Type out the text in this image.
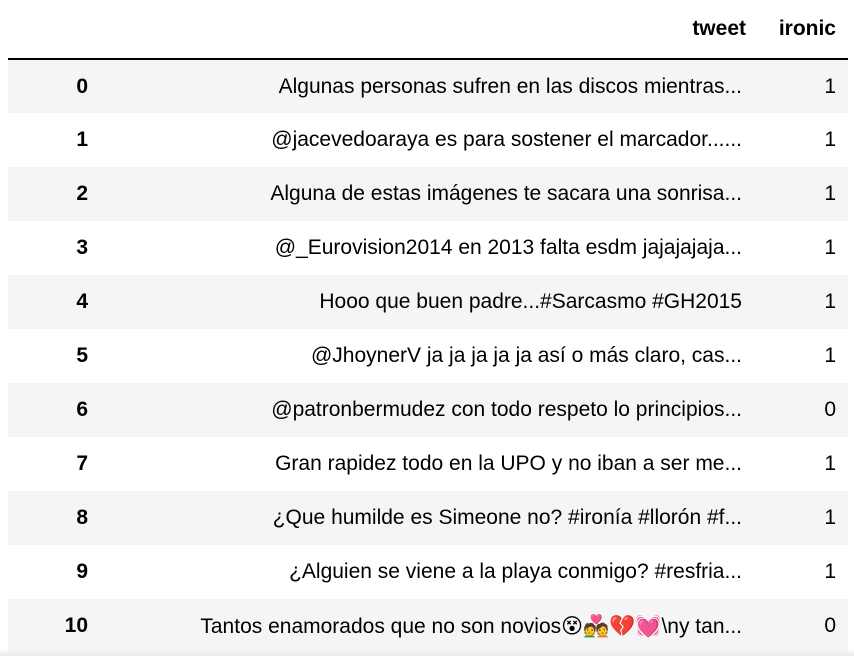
	tweet	ironic
0	Algunas personas sufren en las discos mientras...	1
1	@jacevedoaraya es para sostener el marcador......	1
2	Alguna de estas imágenes te sacara una sonrisa...	1
3	@_Eurovision2014 en 2013 falta esdm jajajajaja...	1
4	Hooo que buen padre...#Sarcasmo #GH2015	1
5	@JhoynerV ja ja ja ja ja así o más claro, cas...	1
6	@patronbermudez con todo respeto lo principios...	0
7	Gran rapidez todo en la UPO y no iban a ser me...	1
8	¿Que humilde es Simeone no? #ironía #llorón #f...	1
9	¿Alguien se viene a la playa conmigo? #resfria...	1
10	Tantos enamorados que no son novios😵💑💔💓\ny tan...	0
